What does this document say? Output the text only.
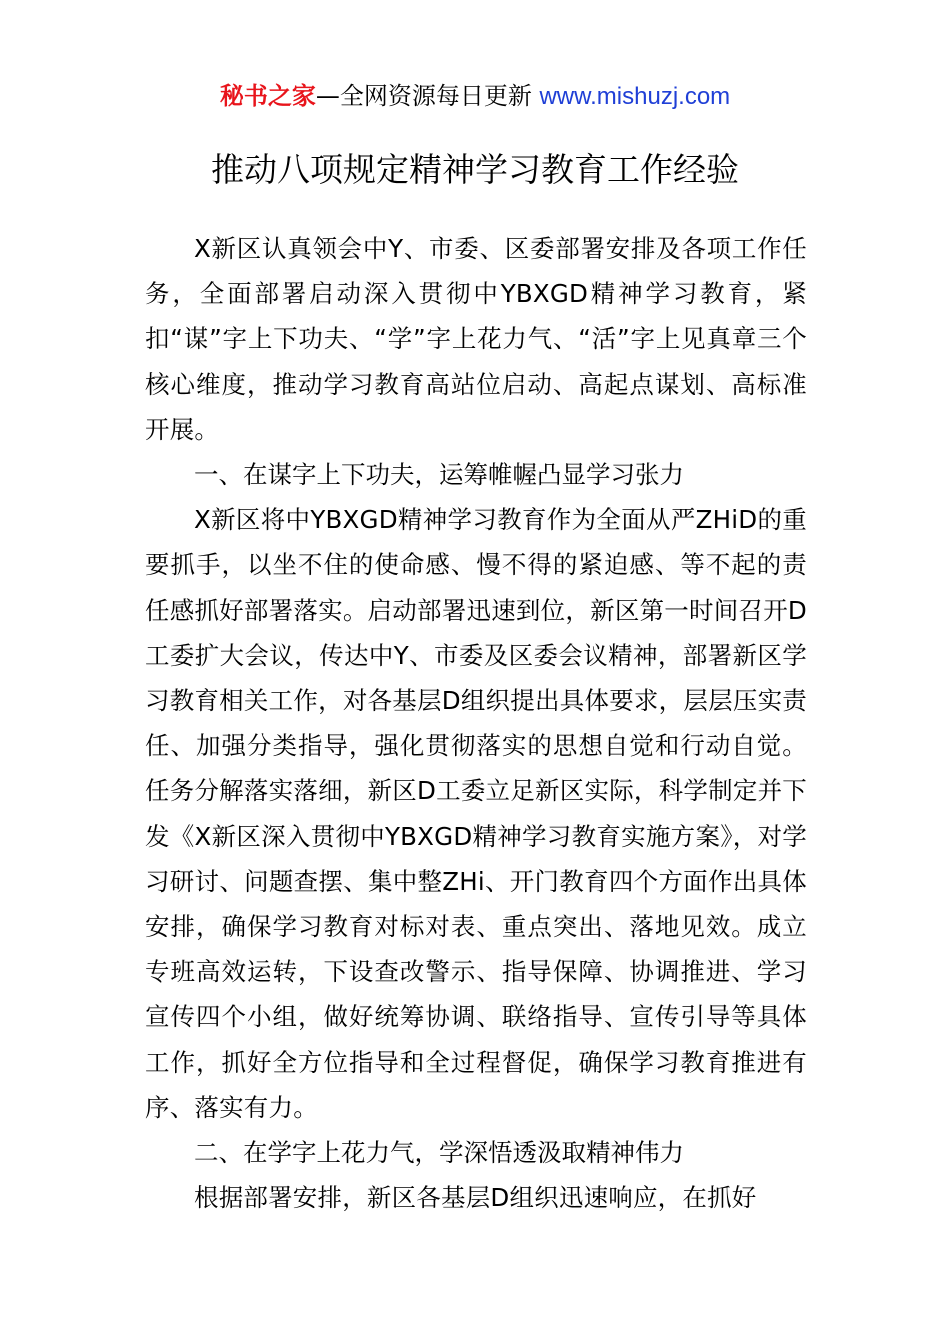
秘书之家—全网资源每日更新 www.mishuzj.com
推动八项规定精神学习教育工作经验

X新区认真领会中Y、市委、区委部署安排及各项工作任务，全面部署启动深入贯彻中YBXGD精神学习教育，紧扣“谋”字上下功夫、“学”字上花力气、“活”字上见真章三个核心维度，推动学习教育高站位启动、高起点谋划、高标准开展。

一、在谋字上下功夫，运筹帷幄凸显学习张力

X新区将中YBXGD精神学习教育作为全面从严ZHiD的重要抓手，以坐不住的使命感、慢不得的紧迫感、等不起的责任感抓好部署落实。启动部署迅速到位，新区第一时间召开D工委扩大会议，传达中Y、市委及区委会议精神，部署新区学习教育相关工作，对各基层D组织提出具体要求，层层压实责任、加强分类指导，强化贯彻落实的思想自觉和行动自觉。任务分解落实落细，新区D工委立足新区实际，科学制定并下发《X新区深入贯彻中YBXGD精神学习教育实施方案》，对学习研讨、问题查摆、集中整ZHi、开门教育四个方面作出具体安排，确保学习教育对标对表、重点突出、落地见效。成立专班高效运转，下设查改警示、指导保障、协调推进、学习宣传四个小组，做好统筹协调、联络指导、宣传引导等具体工作，抓好全方位指导和全过程督促，确保学习教育推进有序、落实有力。

二、在学字上花力气，学深悟透汲取精神伟力

根据部署安排，新区各基层D组织迅速响应，在抓好
